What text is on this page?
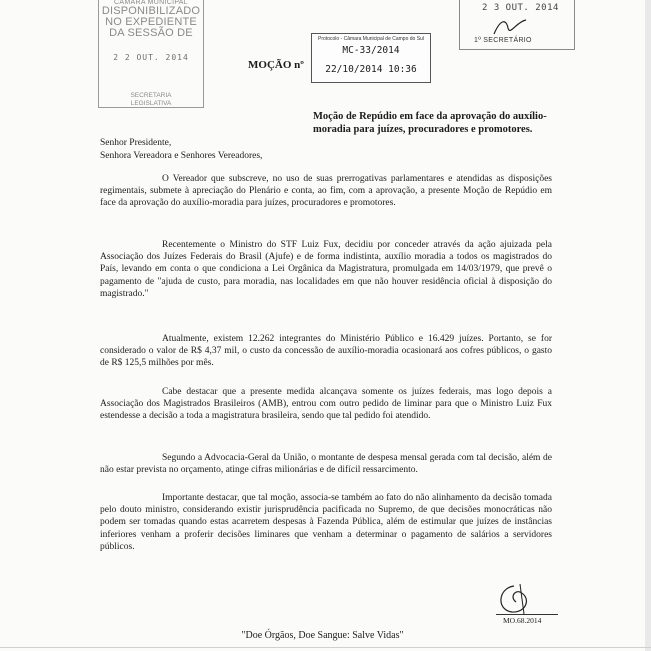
CAMARA MUNICIPAL
DISPONIBILIZADO
NO EXPEDIENTE
DA SESSÃO DE
2 2 OUT. 2014
SECRETARIA
LEGISLATIVA
2 3 OUT. 2014
1º SECRETÁRIO
Protocolo - Câmara Municipal de Campo do Sul
MC-33/2014
22/10/2014 10:36
MOÇÃO nº
Moção de Repúdio em face da aprovação do auxílio-moradia para juízes, procuradores e promotores.
Senhor Presidente,
Senhora Vereadora e Senhores Vereadores,

O Vereador que subscreve, no uso de suas prerrogativas parlamentares e atendidas as disposições regimentais, submete à apreciação do Plenário e conta, ao fim, com a aprovação, a presente Moção de Repúdio em face da aprovação do auxílio-moradia para juízes, procuradores e promotores.

Recentemente o Ministro do STF Luiz Fux, decidiu por conceder através da ação ajuizada pela Associação dos Juízes Federais do Brasil (Ajufe) e de forma indistinta, auxílio moradia a todos os magistrados do País, levando em conta o que condiciona a Lei Orgânica da Magistratura, promulgada em 14/03/1979, que prevê o pagamento de "ajuda de custo, para moradia, nas localidades em que não houver residência oficial à disposição do magistrado."

Atualmente, existem 12.262 integrantes do Ministério Público e 16.429 juízes. Portanto, se for considerado o valor de R$ 4,37 mil, o custo da concessão de auxílio-moradia ocasionará aos cofres públicos, o gasto de R$ 125,5 milhões por mês.

Cabe destacar que a presente medida alcançava somente os juízes federais, mas logo depois a Associação dos Magistrados Brasileiros (AMB), entrou com outro pedido de liminar para que o Ministro Luiz Fux estendesse a decisão a toda a magistratura brasileira, sendo que tal pedido foi atendido.

Segundo a Advocacia-Geral da União, o montante de despesa mensal gerada com tal decisão, além de não estar prevista no orçamento, atinge cifras milionárias e de difícil ressarcimento.

Importante destacar, que tal moção, associa-se também ao fato do não alinhamento da decisão tomada pelo douto ministro, considerando existir jurisprudência pacificada no Supremo, de que decisões monocráticas não podem ser tomadas quando estas acarretem despesas à Fazenda Pública, além de estimular que juízes de instâncias inferiores venham a proferir decisões liminares que venham a determinar o pagamento de salários a servidores públicos.

MO.68.2014
"Doe Órgãos, Doe Sangue: Salve Vidas"
